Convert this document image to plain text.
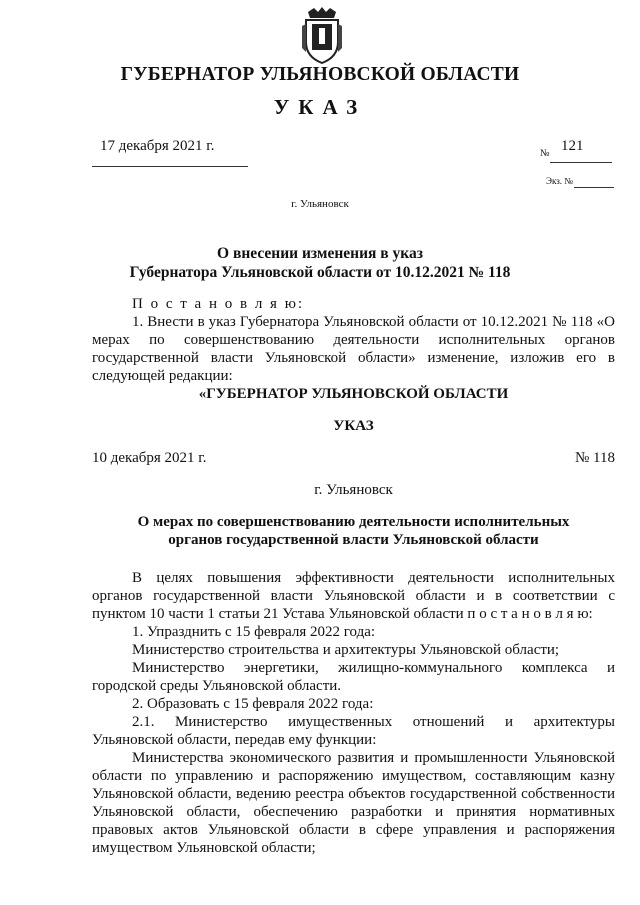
ГУБЕРНАТОР УЛЬЯНОВСКОЙ ОБЛАСТИ
УКАЗ
17 декабря 2021 г.	№ 121
Экз. №
г. Ульяновск
О внесении изменения в указ
Губернатора Ульяновской области от 10.12.2021 № 118

П о с т а н о в л я ю:

1. Внести в указ Губернатора Ульяновской области от 10.12.2021 № 118 «О мерах по совершенствованию деятельности исполнительных органов государственной власти Ульяновской области» изменение, изложив его в следующей редакции:

«ГУБЕРНАТОР УЛЬЯНОВСКОЙ ОБЛАСТИ

УКАЗ

10 декабря 2021 г.	№ 118

г. Ульяновск

О мерах по совершенствованию деятельности исполнительных

органов государственной власти Ульяновской области

В целях повышения эффективности деятельности исполнительных органов государственной власти Ульяновской области и в соответствии с пунктом 10 части 1 статьи 21 Устава Ульяновской области п о с т а н о в л я ю:

1. Упразднить с 15 февраля 2022 года:

Министерство строительства и архитектуры Ульяновской области;

Министерство энергетики, жилищно-коммунального комплекса и городской среды Ульяновской области.

2. Образовать с 15 февраля 2022 года:

2.1. Министерство имущественных отношений и архитектуры Ульяновской области, передав ему функции:

Министерства экономического развития и промышленности Ульяновской области по управлению и распоряжению имуществом, составляющим казну Ульяновской области, ведению реестра объектов государственной собственности Ульяновской области, обеспечению разработки и принятия нормативных правовых актов Ульяновской области в сфере управления и распоряжения имуществом Ульяновской области;
